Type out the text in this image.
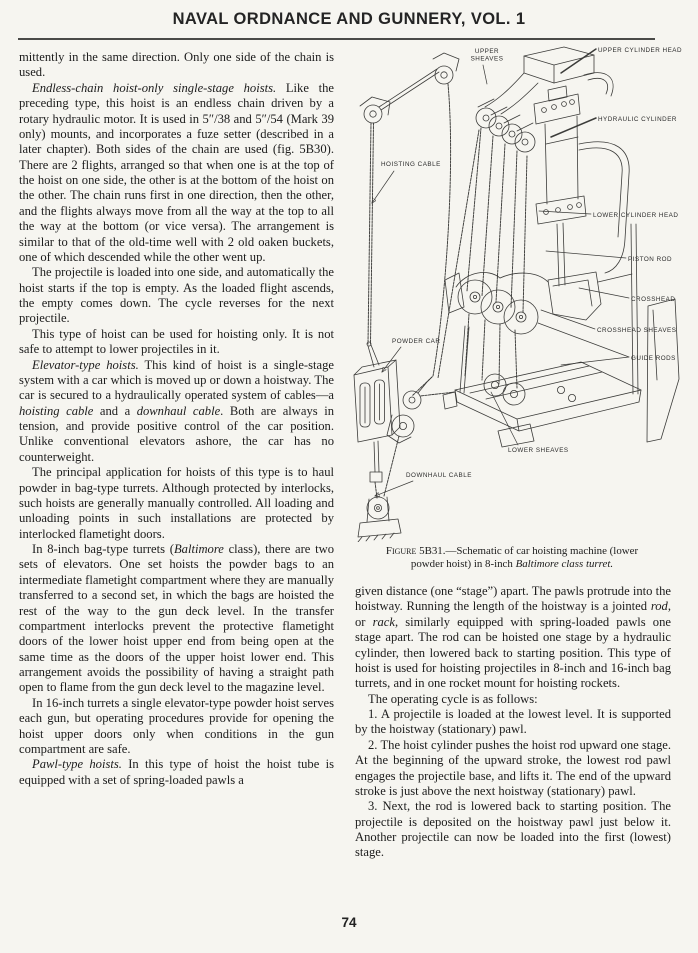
NAVAL ORDNANCE AND GUNNERY, VOL. 1

mittently in the same direction. Only one side of the chain is used.

Endless-chain hoist-only single-stage hoists. Like the preceding type, this hoist is an endless chain driven by a rotary hydraulic motor. It is used in 5″/38 and 5″/54 (Mark 39 only) mounts, and incorporates a fuze setter (described in a later chapter). Both sides of the chain are used (fig. 5B30). There are 2 flights, arranged so that when one is at the top of the hoist on one side, the other is at the bottom of the hoist on the other. The chain runs first in one direction, then the other, and the flights always move from all the way at the top to all the way at the bottom (or vice versa). The arrangement is similar to that of the old-time well with 2 old oaken buckets, one of which descended while the other went up.

The projectile is loaded into one side, and automatically the hoist starts if the top is empty. As the loaded flight ascends, the empty comes down. The cycle reverses for the next projectile.

This type of hoist can be used for hoisting only. It is not safe to attempt to lower projectiles in it.

Elevator-type hoists. This kind of hoist is a single-stage system with a car which is moved up or down a hoistway. The car is secured to a hydraulically operated system of cables—a hoisting cable and a downhaul cable. Both are always in tension, and provide positive control of the car position. Unlike conventional elevators ashore, the car has no counterweight.

The principal application for hoists of this type is to haul powder in bag-type turrets. Although protected by interlocks, such hoists are generally manually controlled. All loading and unloading points in such installations are protected by interlocked flametight doors.

In 8-inch bag-type turrets (Baltimore class), there are two sets of elevators. One set hoists the powder bags to an intermediate flametight compartment where they are manually transferred to a second set, in which the bags are hoisted the rest of the way to the gun deck level. In the transfer compartment interlocks prevent the protective flametight doors of the lower hoist upper end from being open at the same time as the doors of the upper hoist lower end. This arrangement avoids the possibility of having a straight path open to flame from the gun deck level to the magazine level.

In 16-inch turrets a single elevator-type powder hoist serves each gun, but operating procedures provide for opening the hoist upper doors only when conditions in the gun compartment are safe.

Pawl-type hoists. In this type of hoist the hoist tube is equipped with a set of spring-loaded pawls a

UPPER SHEAVES
UPPER CYLINDER HEAD
HYDRAULIC CYLINDER
HOISTING CABLE
LOWER CYLINDER HEAD
PISTON ROD
CROSSHEAD
CROSSHEAD SHEAVES
GUIDE RODS
POWDER CAR
LOWER SHEAVES
DOWNHAUL CABLE
Figure 5B31.—Schematic of car hoisting machine (lower
powder hoist) in 8-inch Baltimore class turret.

given distance (one “stage”) apart. The pawls protrude into the hoistway. Running the length of the hoistway is a jointed rod, or rack, similarly equipped with spring-loaded pawls one stage apart. The rod can be hoisted one stage by a hydraulic cylinder, then lowered back to starting position. This type of hoist is used for hoisting projectiles in 8-inch and 16-inch bag turrets, and in one rocket mount for hoisting rockets.

The operating cycle is as follows:

1. A projectile is loaded at the lowest level. It is supported by the hoistway (stationary) pawl.

2. The hoist cylinder pushes the hoist rod upward one stage. At the beginning of the upward stroke, the lowest rod pawl engages the projectile base, and lifts it. The end of the upward stroke is just above the next hoistway (stationary) pawl.

3. Next, the rod is lowered back to starting position. The projectile is deposited on the hoistway pawl just below it. Another projectile can now be loaded into the first (lowest) stage.

74
